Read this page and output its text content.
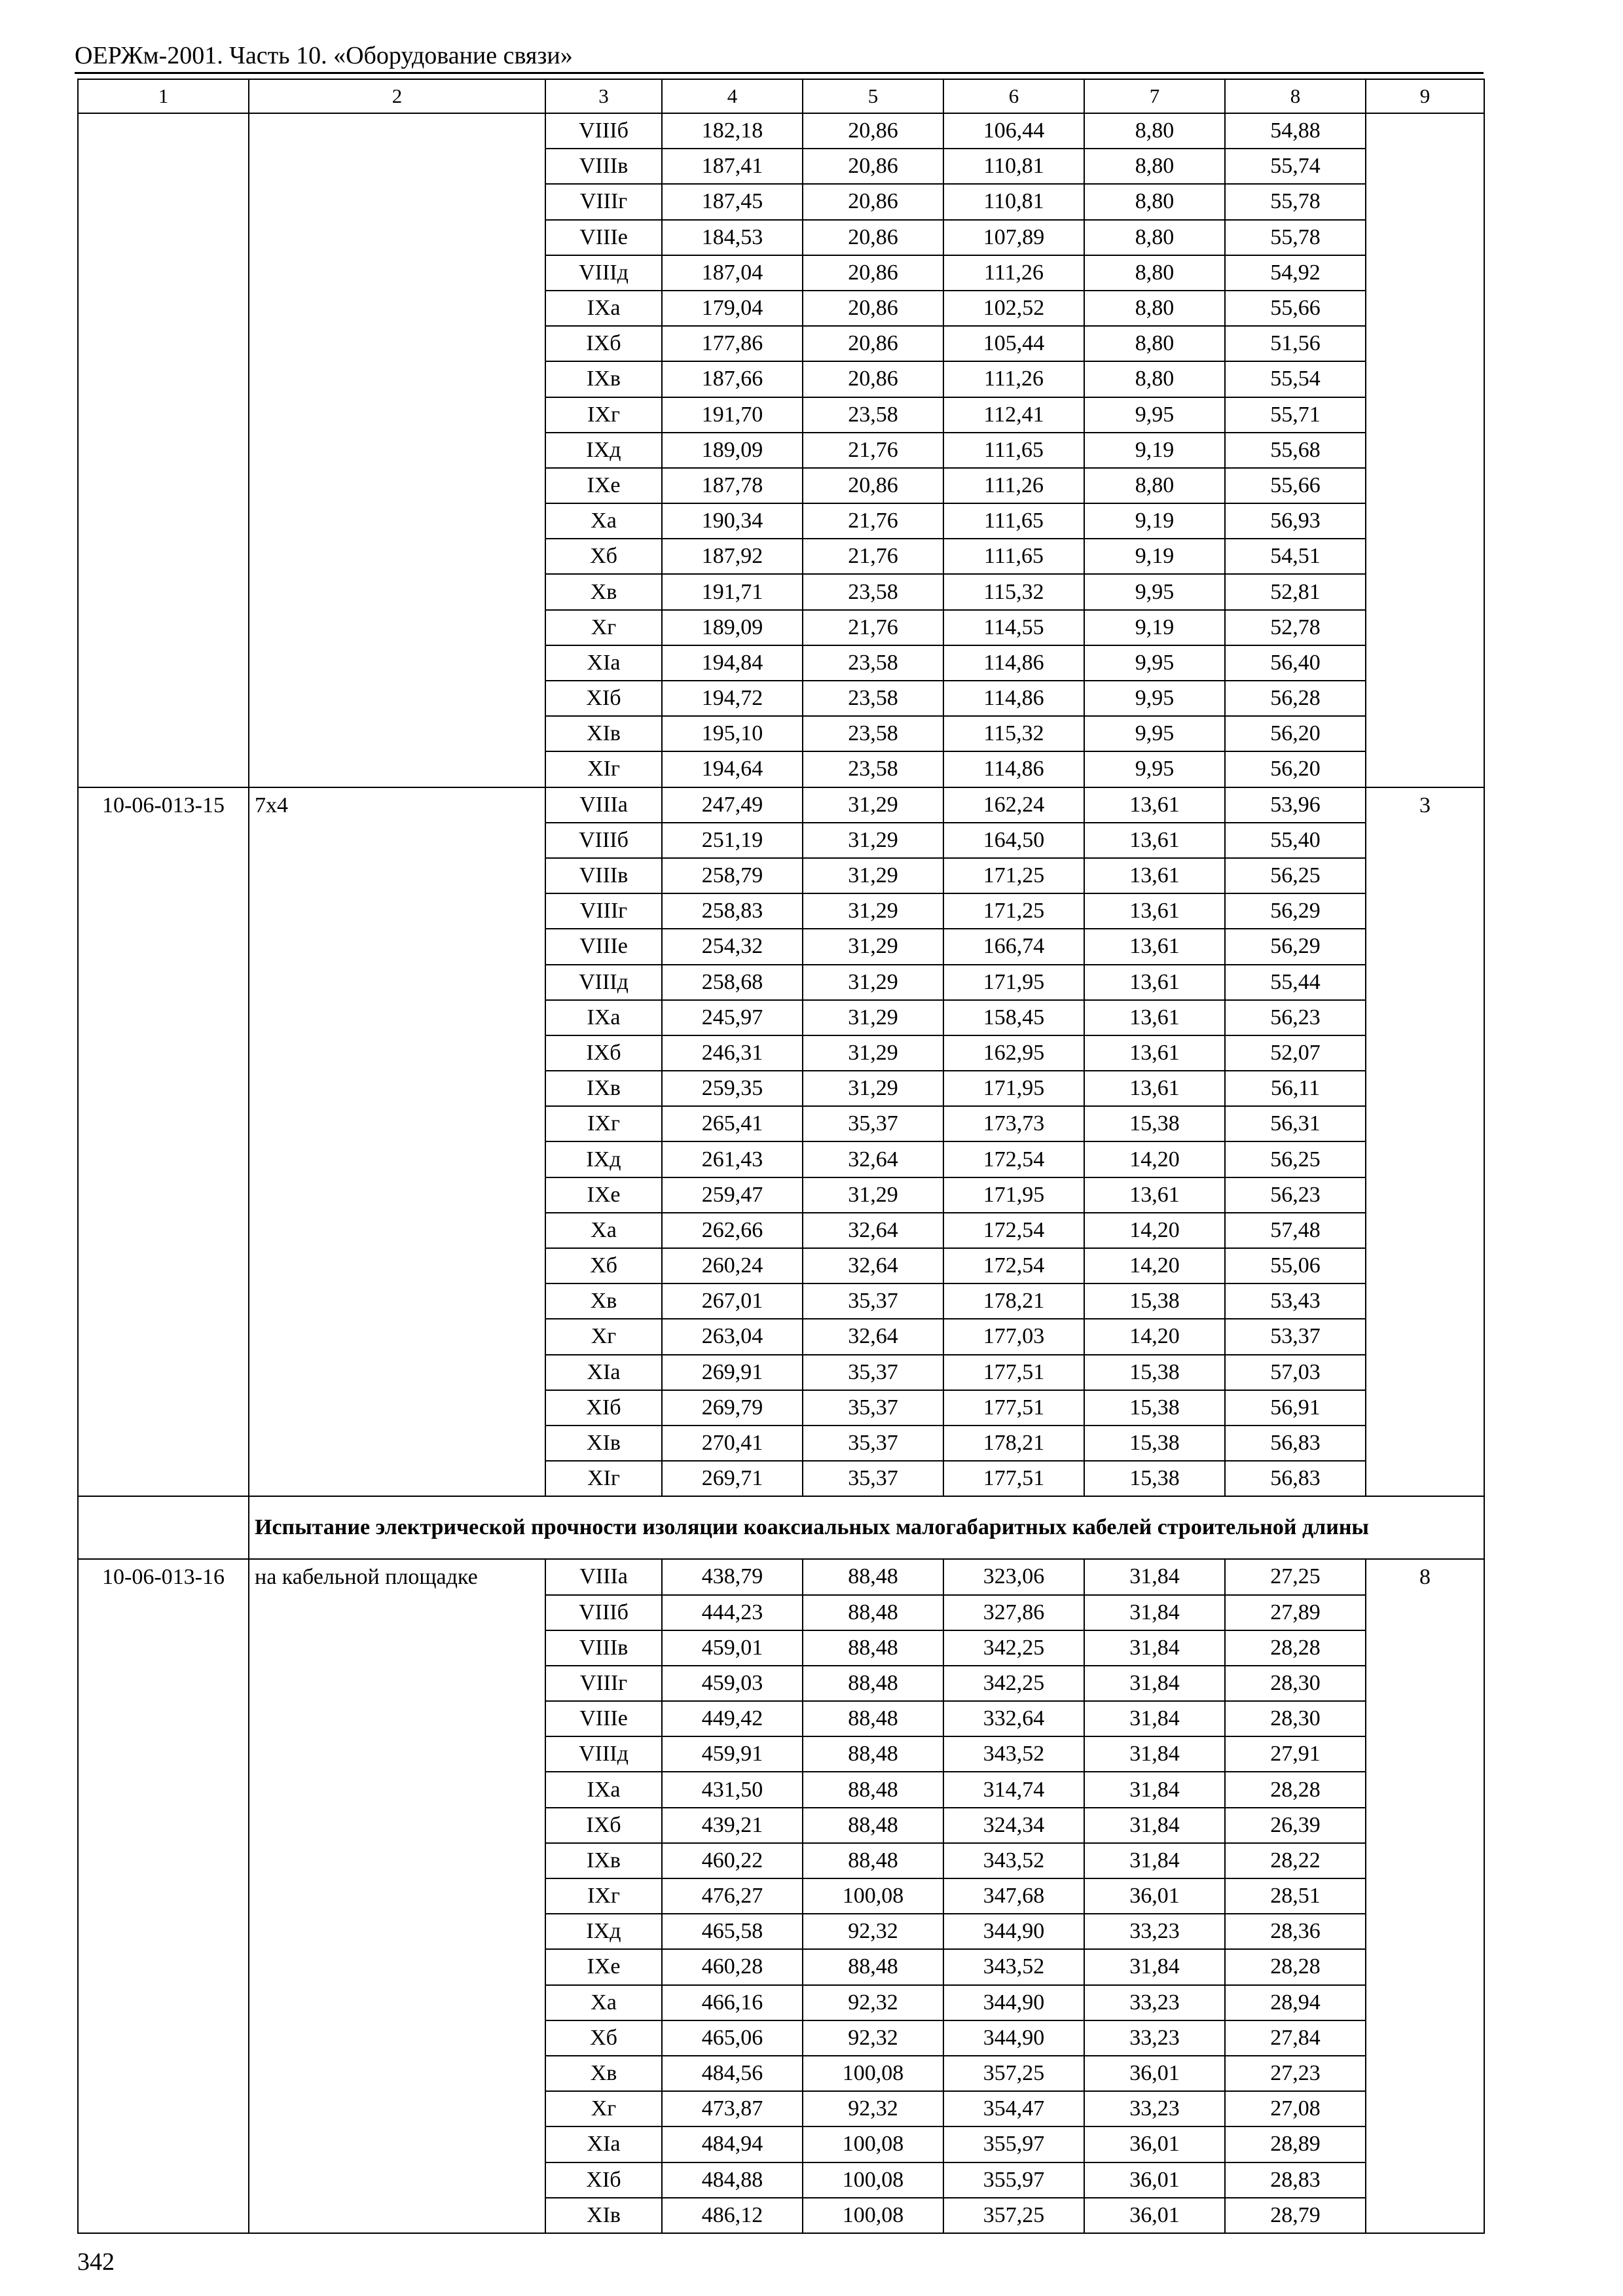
ОЕРЖм-2001. Часть 10. «Оборудование связи»
1	2	3	4	5	6	7	8	9
		VIIIб	182,18	20,86	106,44	8,80	54,88	
		VIIIв	187,41	20,86	110,81	8,80	55,74	
		VIIIг	187,45	20,86	110,81	8,80	55,78	
		VIIIе	184,53	20,86	107,89	8,80	55,78	
		VIIIд	187,04	20,86	111,26	8,80	54,92	
		IXа	179,04	20,86	102,52	8,80	55,66	
		IXб	177,86	20,86	105,44	8,80	51,56	
		IXв	187,66	20,86	111,26	8,80	55,54	
		IXг	191,70	23,58	112,41	9,95	55,71	
		IXд	189,09	21,76	111,65	9,19	55,68	
		IXе	187,78	20,86	111,26	8,80	55,66	
		Xа	190,34	21,76	111,65	9,19	56,93	
		Xб	187,92	21,76	111,65	9,19	54,51	
		Xв	191,71	23,58	115,32	9,95	52,81	
		Xг	189,09	21,76	114,55	9,19	52,78	
		XIа	194,84	23,58	114,86	9,95	56,40	
		XIб	194,72	23,58	114,86	9,95	56,28	
		XIв	195,10	23,58	115,32	9,95	56,20	
		XIг	194,64	23,58	114,86	9,95	56,20	
10-06-013-15	7x4	VIIIа	247,49	31,29	162,24	13,61	53,96	3
		VIIIб	251,19	31,29	164,50	13,61	55,40	
		VIIIв	258,79	31,29	171,25	13,61	56,25	
		VIIIг	258,83	31,29	171,25	13,61	56,29	
		VIIIе	254,32	31,29	166,74	13,61	56,29	
		VIIIд	258,68	31,29	171,95	13,61	55,44	
		IXа	245,97	31,29	158,45	13,61	56,23	
		IXб	246,31	31,29	162,95	13,61	52,07	
		IXв	259,35	31,29	171,95	13,61	56,11	
		IXг	265,41	35,37	173,73	15,38	56,31	
		IXд	261,43	32,64	172,54	14,20	56,25	
		IXе	259,47	31,29	171,95	13,61	56,23	
		Xа	262,66	32,64	172,54	14,20	57,48	
		Xб	260,24	32,64	172,54	14,20	55,06	
		Xв	267,01	35,37	178,21	15,38	53,43	
		Xг	263,04	32,64	177,03	14,20	53,37	
		XIа	269,91	35,37	177,51	15,38	57,03	
		XIб	269,79	35,37	177,51	15,38	56,91	
		XIв	270,41	35,37	178,21	15,38	56,83	
		XIг	269,71	35,37	177,51	15,38	56,83	
	Испытание электрической прочности изоляции коаксиальных малогабаритных кабелей строительной длины							
10-06-013-16	на кабельной площадке	VIIIа	438,79	88,48	323,06	31,84	27,25	8
		VIIIб	444,23	88,48	327,86	31,84	27,89	
		VIIIв	459,01	88,48	342,25	31,84	28,28	
		VIIIг	459,03	88,48	342,25	31,84	28,30	
		VIIIе	449,42	88,48	332,64	31,84	28,30	
		VIIIд	459,91	88,48	343,52	31,84	27,91	
		IXа	431,50	88,48	314,74	31,84	28,28	
		IXб	439,21	88,48	324,34	31,84	26,39	
		IXв	460,22	88,48	343,52	31,84	28,22	
		IXг	476,27	100,08	347,68	36,01	28,51	
		IXд	465,58	92,32	344,90	33,23	28,36	
		IXе	460,28	88,48	343,52	31,84	28,28	
		Xа	466,16	92,32	344,90	33,23	28,94	
		Xб	465,06	92,32	344,90	33,23	27,84	
		Xв	484,56	100,08	357,25	36,01	27,23	
		Xг	473,87	92,32	354,47	33,23	27,08	
		XIа	484,94	100,08	355,97	36,01	28,89	
		XIб	484,88	100,08	355,97	36,01	28,83	
		XIв	486,12	100,08	357,25	36,01	28,79	
342
